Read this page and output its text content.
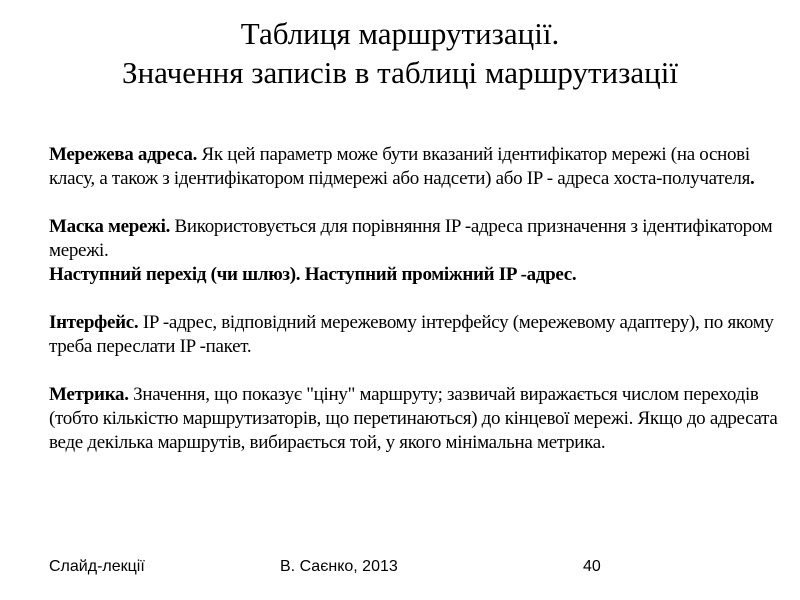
Таблиця маршрутизації.
Значення записів в таблиці маршрутизації

Мережева адреса. Як цей параметр може бути вказаний ідентифікатор мережі (на основі класу, а також з ідентифікатором підмережі або надсети) або IP - адреса хоста-получателя.

Маска мережі. Використовується для порівняння IP -адреса призначення з ідентифікатором мережі.

Наступний перехід (чи шлюз). Наступний проміжний IP -адрес.

Інтерфейс. IP -адрес, відповідний мережевому інтерфейсу (мережевому адаптеру), по якому треба переслати IP -пакет.

Метрика. Значення, що показує "ціну" маршруту; зазвичай виражається числом переходів (тобто кількістю маршрутизаторів, що перетинаються) до кінцевої мережі. Якщо до адресата веде декілька маршрутів, вибирається той, у якого мінімальна метрика.

Слайд-лекції	В. Саєнко, 2013	40
